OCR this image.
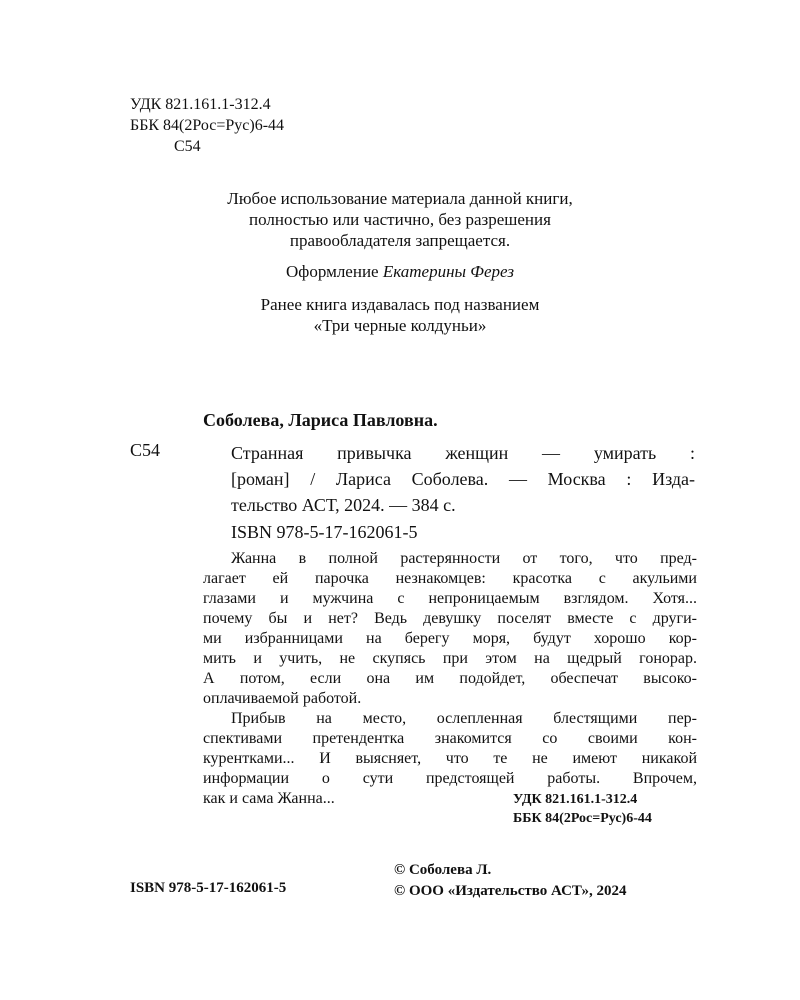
УДК 821.161.1-312.4
ББК 84(2Рос=Рус)6-44
С54
Любое использование материала данной книги,
полностью или частично, без разрешения
правообладателя запрещается.
Оформление Екатерины Ферез
Ранее книга издавалась под названием
«Три черные колдуньи»
Соболева, Лариса Павловна.
С54	Странная привычка женщин — умирать :
[роман] / Лариса Соболева. — Москва : Изда-
тельство АСТ, 2024. — 384 с.
ISBN 978-5-17-162061-5
Жанна в полной растерянности от того, что пред-
лагает ей парочка незнакомцев: красотка с акульими
глазами и мужчина с непроницаемым взглядом. Хотя...
почему бы и нет? Ведь девушку поселят вместе с други-
ми избранницами на берегу моря, будут хорошо кор-
мить и учить, не скупясь при этом на щедрый гонорар.
А потом, если она им подойдет, обеспечат высоко-
оплачиваемой работой.
Прибыв на место, ослепленная блестящими пер-
спективами претендентка знакомится со своими кон-
курентками... И выясняет, что те не имеют никакой
информации о сути предстоящей работы. Впрочем,
как и сама Жанна...	УДК 821.161.1-312.4
ББК 84(2Рос=Рус)6-44
ISBN 978-5-17-162061-5
© Соболева Л.
© ООО «Издательство АСТ», 2024
